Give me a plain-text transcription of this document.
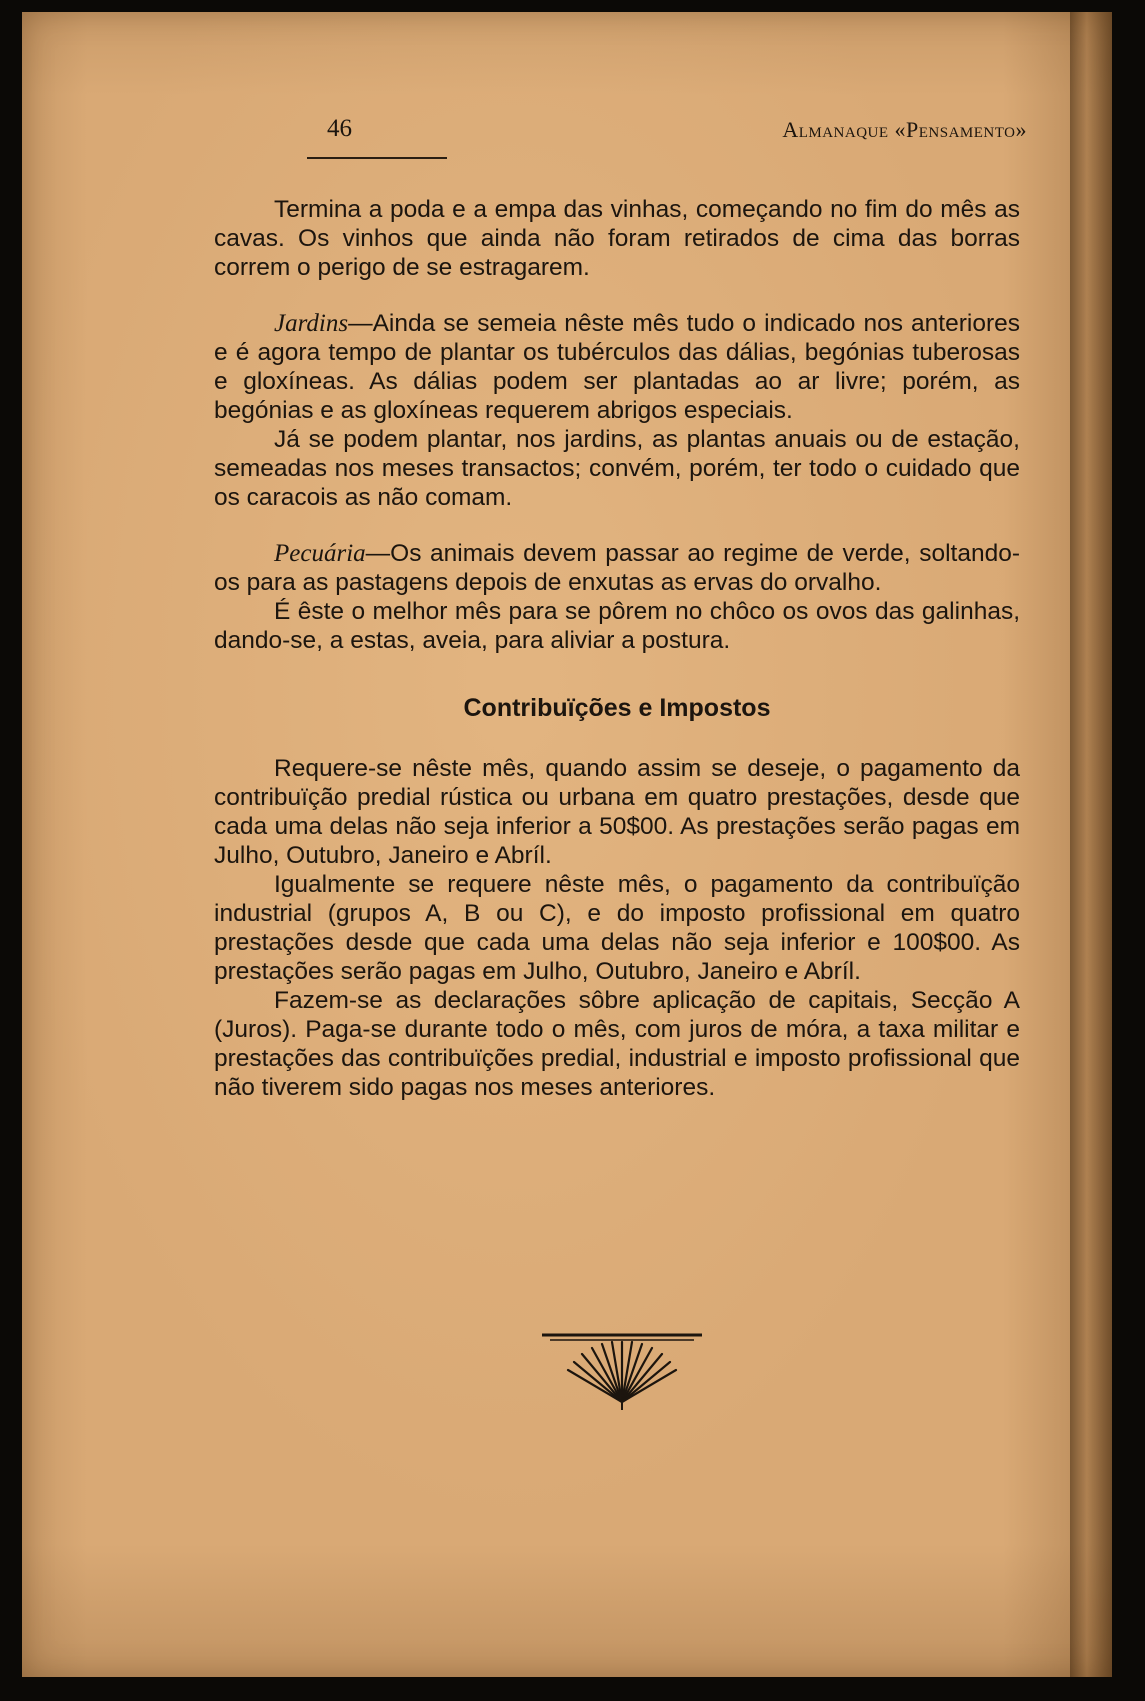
46	Almanaque «Pensamento»

Termina a poda e a empa das vinhas, começando no fim do mês as cavas. Os vinhos que ainda não foram retirados de cima das borras correm o perigo de se estragarem.

Jardins—Ainda se semeia nêste mês tudo o indicado nos anteriores e é agora tempo de plantar os tubérculos das dálias, begónias tuberosas e gloxíneas. As dálias podem ser plantadas ao ar livre; porém, as begónias e as gloxíneas requerem abrigos especiais.

Já se podem plantar, nos jardins, as plantas anuais ou de estação, semeadas nos meses transactos; convém, porém, ter todo o cuidado que os caracois as não comam.

Pecuária—Os animais devem passar ao regime de verde, soltando-os para as pastagens depois de enxutas as ervas do orvalho.

É êste o melhor mês para se pôrem no chôco os ovos das galinhas, dando-se, a estas, aveia, para aliviar a postura.

Contribuïções e Impostos

Requere-se nêste mês, quando assim se deseje, o pagamento da contribuïção predial rústica ou urbana em quatro prestações, desde que cada uma delas não seja inferior a 50$00. As prestações serão pagas em Julho, Outubro, Janeiro e Abríl.

Igualmente se requere nêste mês, o pagamento da contribuïção industrial (grupos A, B ou C), e do imposto profissional em quatro prestações desde que cada uma delas não seja inferior e 100$00. As prestações serão pagas em Julho, Outubro, Janeiro e Abríl.

Fazem-se as declarações sôbre aplicação de capitais, Secção A (Juros). Paga-se durante todo o mês, com juros de móra, a taxa militar e prestações das contribuïções predial, industrial e imposto profissional que não tiverem sido pagas nos meses anteriores.
